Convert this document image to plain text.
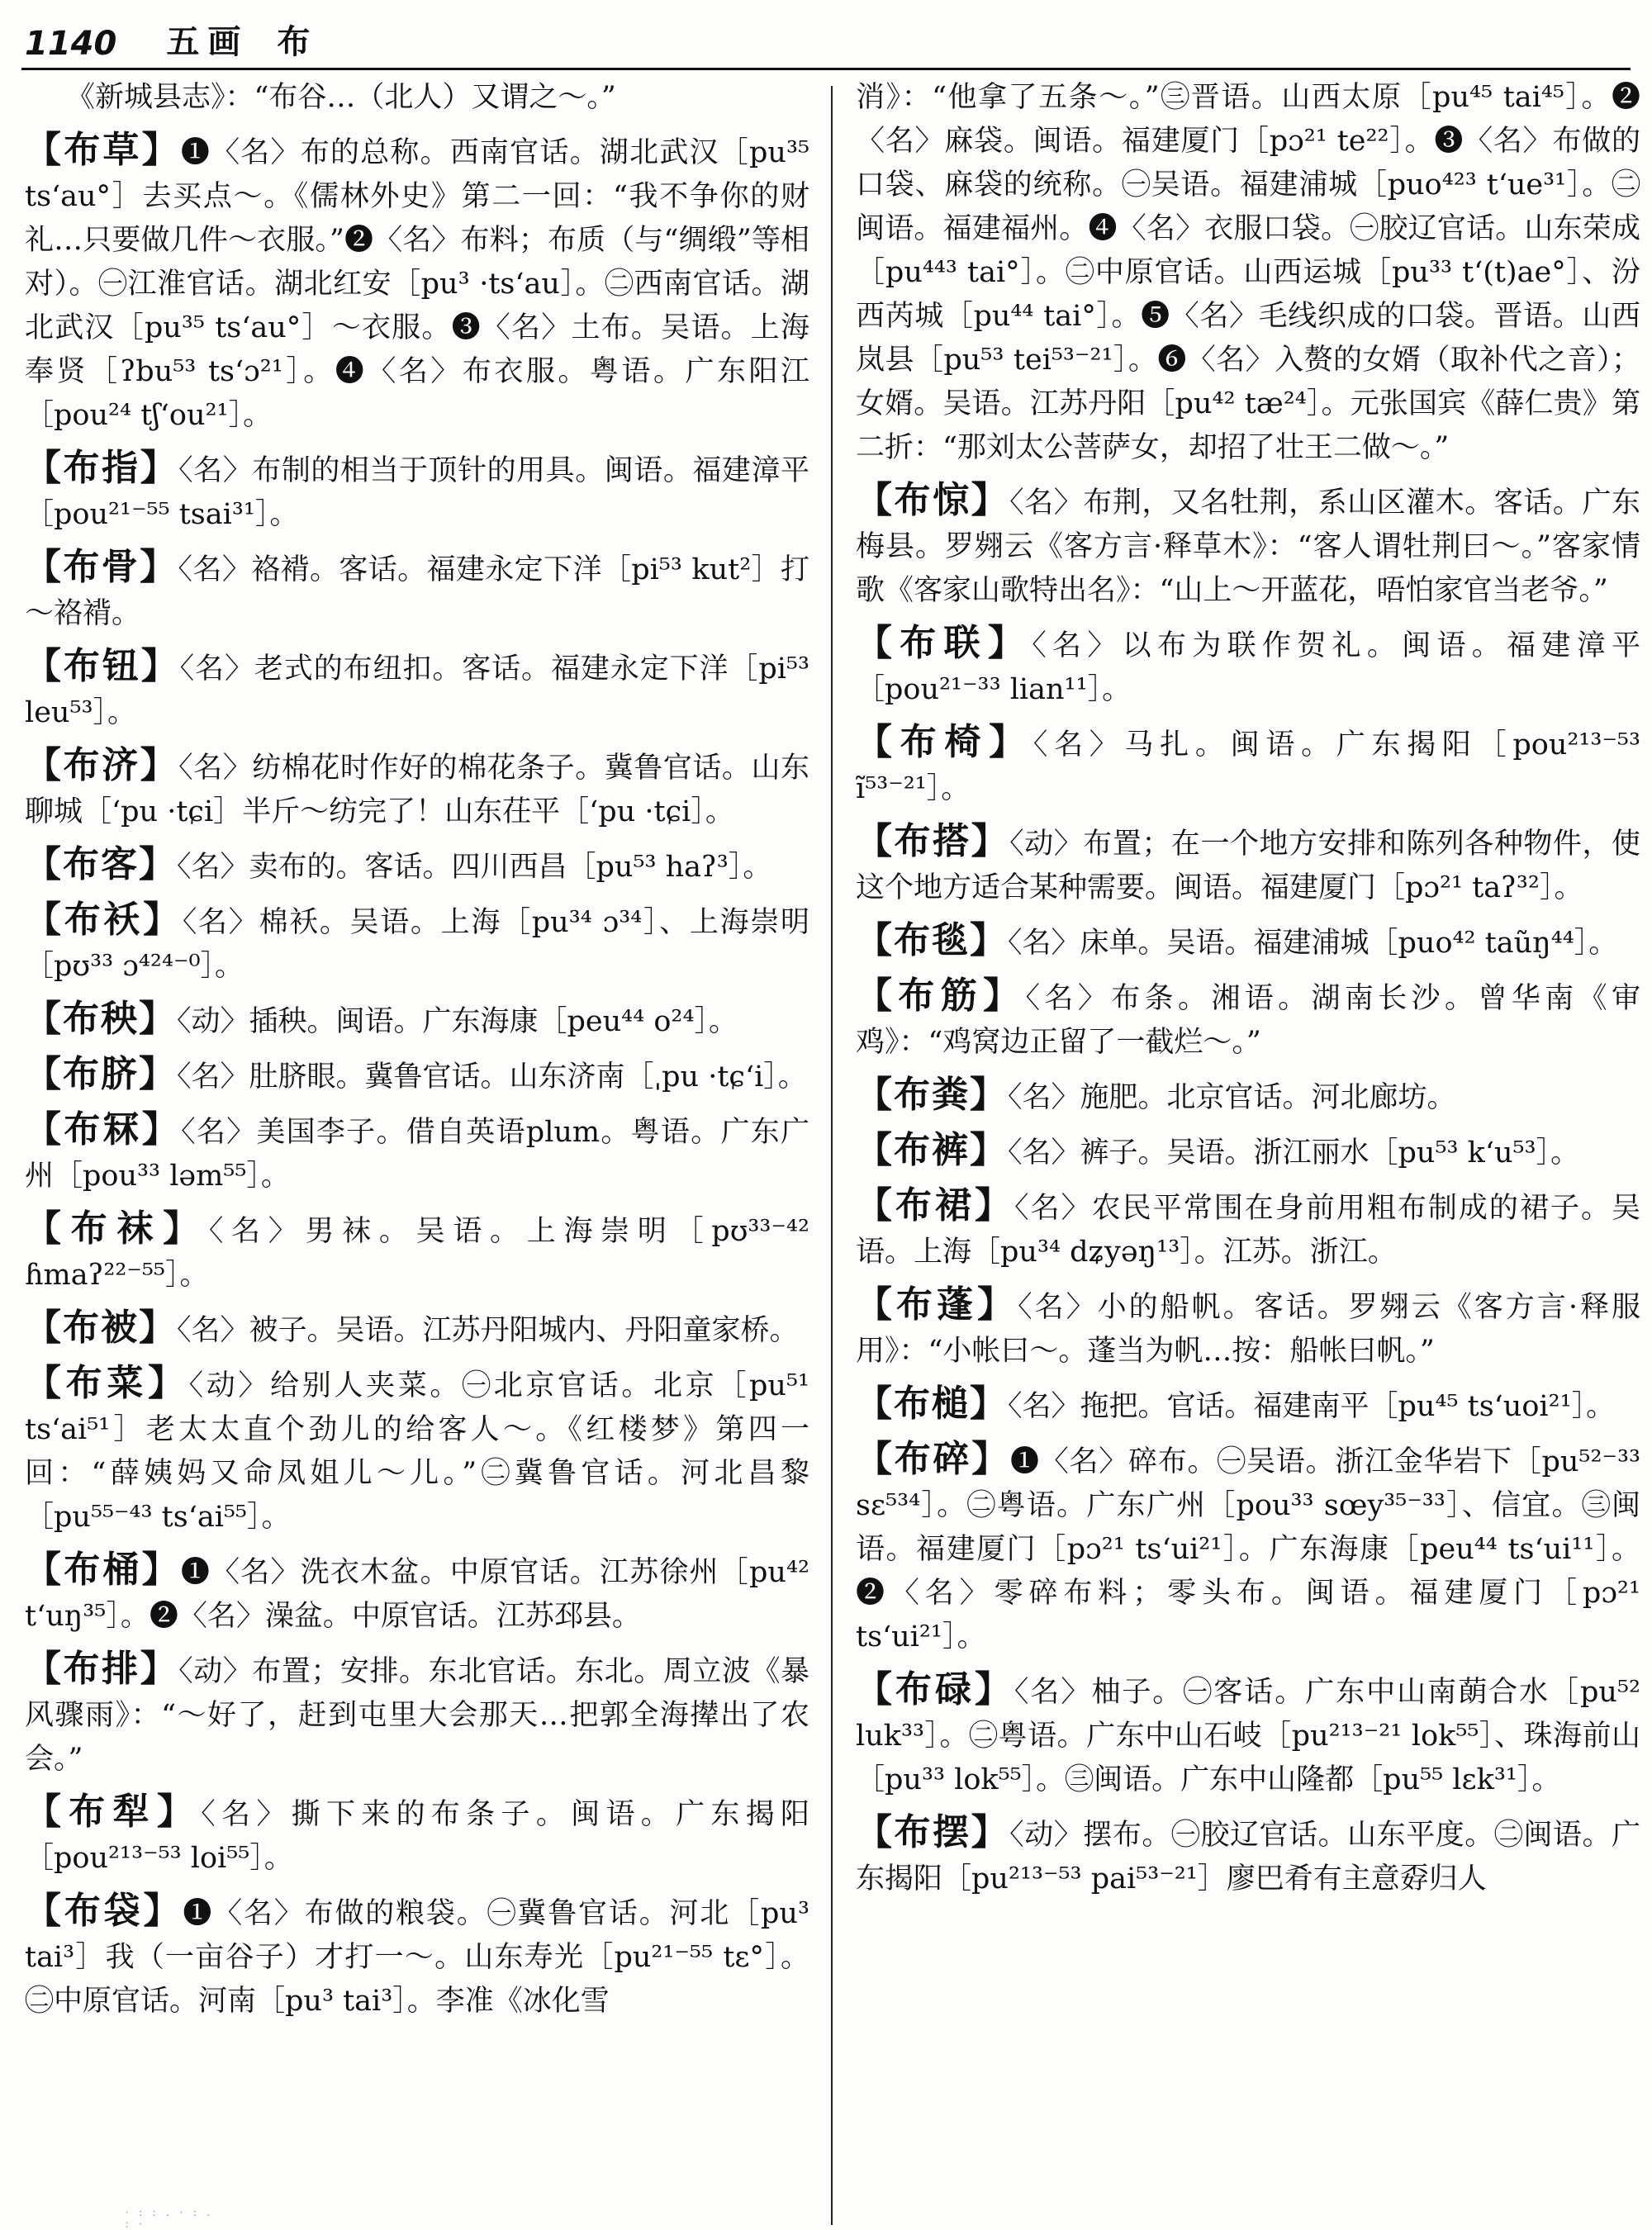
1140 五画 布
《新城县志》：“布谷…（北人）又谓之～。”
【布草】❶〈名〉布的总称。西南官话。湖北武汉［pu³⁵ ts‘au°］去买点～。《儒林外史》第二一回：“我不争你的财礼…只要做几件～衣服。”❷〈名〉布料；布质（与“绸缎”等相对）。㊀江淮官话。湖北红安［pu³ ·ts‘au］。㊁西南官话。湖北武汉［pu³⁵ ts‘au°］～衣服。❸〈名〉土布。吴语。上海奉贤［ʔbu⁵³ ts‘ɔ²¹］。❹〈名〉布衣服。粤语。广东阳江［pou²⁴ tʃ‘ou²¹］。
【布指】〈名〉布制的相当于顶针的用具。闽语。福建漳平［pou²¹⁻⁵⁵ tsai³¹］。
【布骨】〈名〉袼褙。客话。福建永定下洋［pi⁵³ kut²］打～袼褙。
【布钮】〈名〉老式的布纽扣。客话。福建永定下洋［pi⁵³ leu⁵³］。
【布济】〈名〉纺棉花时作好的棉花条子。冀鲁官话。山东聊城［‘pu ·tɕi］半斤～纺完了！山东茌平［‘pu ·tɕi］。
【布客】〈名〉卖布的。客话。四川西昌［pu⁵³ haʔ³］。
【布袄】〈名〉棉袄。吴语。上海［pu³⁴ ɔ³⁴］、上海崇明［pʊ³³ ɔ⁴²⁴⁻⁰］。
【布秧】〈动〉插秧。闽语。广东海康［peu⁴⁴ o²⁴］。
【布脐】〈名〉肚脐眼。冀鲁官话。山东济南［ˌpu ·tɕ‘i］。
【布冧】〈名〉美国李子。借自英语plum。粤语。广东广州［pou³³ ləm⁵⁵］。
【布袜】〈名〉男袜。吴语。上海崇明［pʊ³³⁻⁴² ɦmaʔ²²⁻⁵⁵］。
【布被】〈名〉被子。吴语。江苏丹阳城内、丹阳童家桥。
【布菜】〈动〉给别人夹菜。㊀北京官话。北京［pu⁵¹ ts‘ai⁵¹］老太太直个劲儿的给客人～。《红楼梦》第四一回：“薛姨妈又命凤姐儿～儿。”㊁冀鲁官话。河北昌黎［pu⁵⁵⁻⁴³ ts‘ai⁵⁵］。
【布桶】❶〈名〉洗衣木盆。中原官话。江苏徐州［pu⁴² t‘uŋ³⁵］。❷〈名〉澡盆。中原官话。江苏邳县。
【布排】〈动〉布置；安排。东北官话。东北。周立波《暴风骤雨》：“～好了，赶到屯里大会那天…把郭全海撵出了农会。”
【布犁】〈名〉撕下来的布条子。闽语。广东揭阳［pou²¹³⁻⁵³ loi⁵⁵］。
【布袋】❶〈名〉布做的粮袋。㊀冀鲁官话。河北［pu³ tai³］我（一亩谷子）才打一～。山东寿光［pu²¹⁻⁵⁵ tɛ°］。㊁中原官话。河南［pu³ tai³］。李准《冰化雪
消》：“他拿了五条～。”㊂晋语。山西太原［pu⁴⁵ tai⁴⁵］。❷〈名〉麻袋。闽语。福建厦门［pɔ²¹ te²²］。❸〈名〉布做的口袋、麻袋的统称。㊀吴语。福建浦城［puo⁴²³ t‘ue³¹］。㊁闽语。福建福州。❹〈名〉衣服口袋。㊀胶辽官话。山东荣成［pu⁴⁴³ tai°］。㊁中原官话。山西运城［pu³³ t‘(t)ae°］、汾西芮城［pu⁴⁴ tai°］。❺〈名〉毛线织成的口袋。晋语。山西岚县［pu⁵³ tei⁵³⁻²¹］。❻〈名〉入赘的女婿（取补代之音）；女婿。吴语。江苏丹阳［pu⁴² tæ²⁴］。元张国宾《薛仁贵》第二折：“那刘太公菩萨女，却招了壮王二做～。”
【布惊】〈名〉布荆，又名牡荆，系山区灌木。客话。广东梅县。罗翙云《客方言·释草木》：“客人谓牡荆曰～。”客家情歌《客家山歌特出名》：“山上～开蓝花，唔怕家官当老爷。”
【布联】〈名〉以布为联作贺礼。闽语。福建漳平［pou²¹⁻³³ lian¹¹］。
【布椅】〈名〉马扎。闽语。广东揭阳［pou²¹³⁻⁵³ ĩ⁵³⁻²¹］。
【布搭】〈动〉布置；在一个地方安排和陈列各种物件，使这个地方适合某种需要。闽语。福建厦门［pɔ²¹ taʔ³²］。
【布毯】〈名〉床单。吴语。福建浦城［puo⁴² taũŋ⁴⁴］。
【布筋】〈名〉布条。湘语。湖南长沙。曾华南《审鸡》：“鸡窝边正留了一截烂～。”
【布粪】〈名〉施肥。北京官话。河北廊坊。
【布裤】〈名〉裤子。吴语。浙江丽水［pu⁵³ k‘u⁵³］。
【布裙】〈名〉农民平常围在身前用粗布制成的裙子。吴语。上海［pu³⁴ dʑyəŋ¹³］。江苏。浙江。
【布蓬】〈名〉小的船帆。客话。罗翙云《客方言·释服用》：“小帐曰～。蓬当为帆…按：船帐曰帆。”
【布槌】〈名〉拖把。官话。福建南平［pu⁴⁵ ts‘uoi²¹］。
【布碎】❶〈名〉碎布。㊀吴语。浙江金华岩下［pu⁵²⁻³³ sɛ⁵³⁴］。㊁粤语。广东广州［pou³³ sœy³⁵⁻³³］、信宜。㊂闽语。福建厦门［pɔ²¹ ts‘ui²¹］。广东海康［peu⁴⁴ ts‘ui¹¹］。❷〈名〉零碎布料；零头布。闽语。福建厦门［pɔ²¹ ts‘ui²¹］。
【布碌】〈名〉柚子。㊀客话。广东中山南蓢合水［pu⁵² luk³³］。㊁粤语。广东中山石岐［pu²¹³⁻²¹ lok⁵⁵］、珠海前山［pu³³ lok⁵⁵］。㊂闽语。广东中山隆都［pu⁵⁵ lɛk³¹］。
【布摆】〈动〉摆布。㊀胶辽官话。山东平度。㊁闽语。广东揭阳［pu²¹³⁻⁵³ pai⁵³⁻²¹］廖巴肴有主意孬归人
· : : . · : . : ·
